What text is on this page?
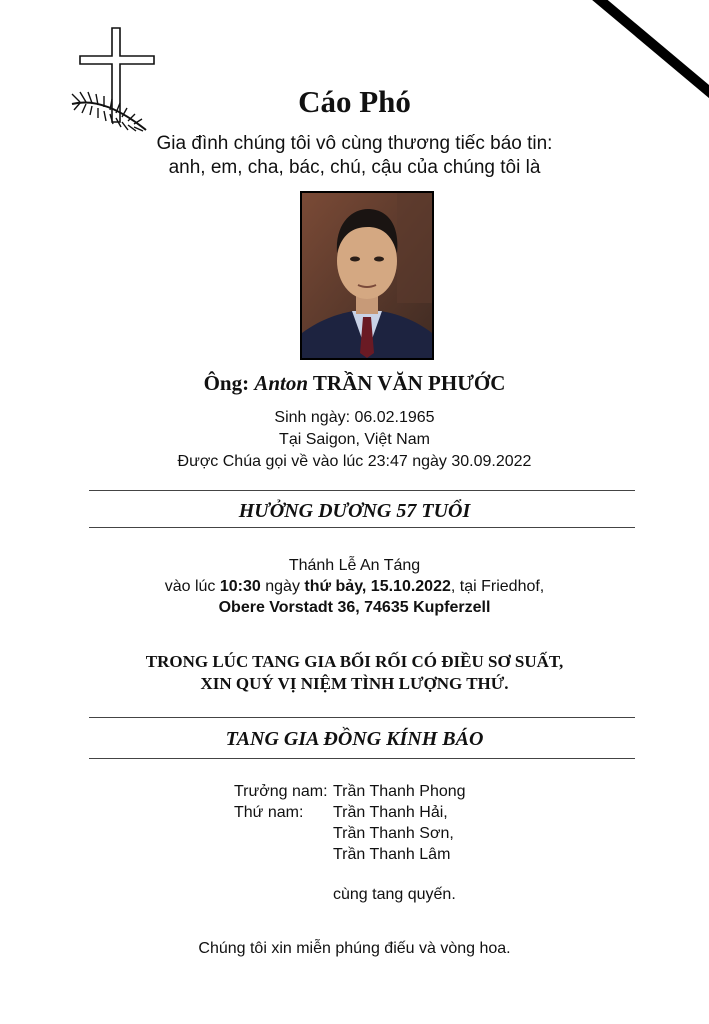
Cáo Phó
Gia đình chúng tôi vô cùng thương tiếc báo tin:
anh, em, cha, bác, chú, cậu của chúng tôi là
Ông: Anton TRẦN VĂN PHƯỚC
Sinh ngày: 06.02.1965
Tại Saigon, Việt Nam
Được Chúa gọi về vào lúc 23:47 ngày 30.09.2022
HƯỞNG DƯƠNG 57 TUỔI
Thánh Lễ An Táng
vào lúc 10:30 ngày thứ bảy, 15.10.2022, tại Friedhof,
Obere Vorstadt 36, 74635 Kupferzell
TRONG LÚC TANG GIA BỐI RỐI CÓ ĐIỀU SƠ SUẤT,
XIN QUÝ VỊ NIỆM TÌNH LƯỢNG THỨ.
TANG GIA ĐỒNG KÍNH BÁO
Trưởng nam: Trần Thanh Phong
Thứ nam: Trần Thanh Hải,
Trần Thanh Sơn,
Trần Thanh Lâm
cùng tang quyến.
Chúng tôi xin miễn phúng điếu và vòng hoa.
